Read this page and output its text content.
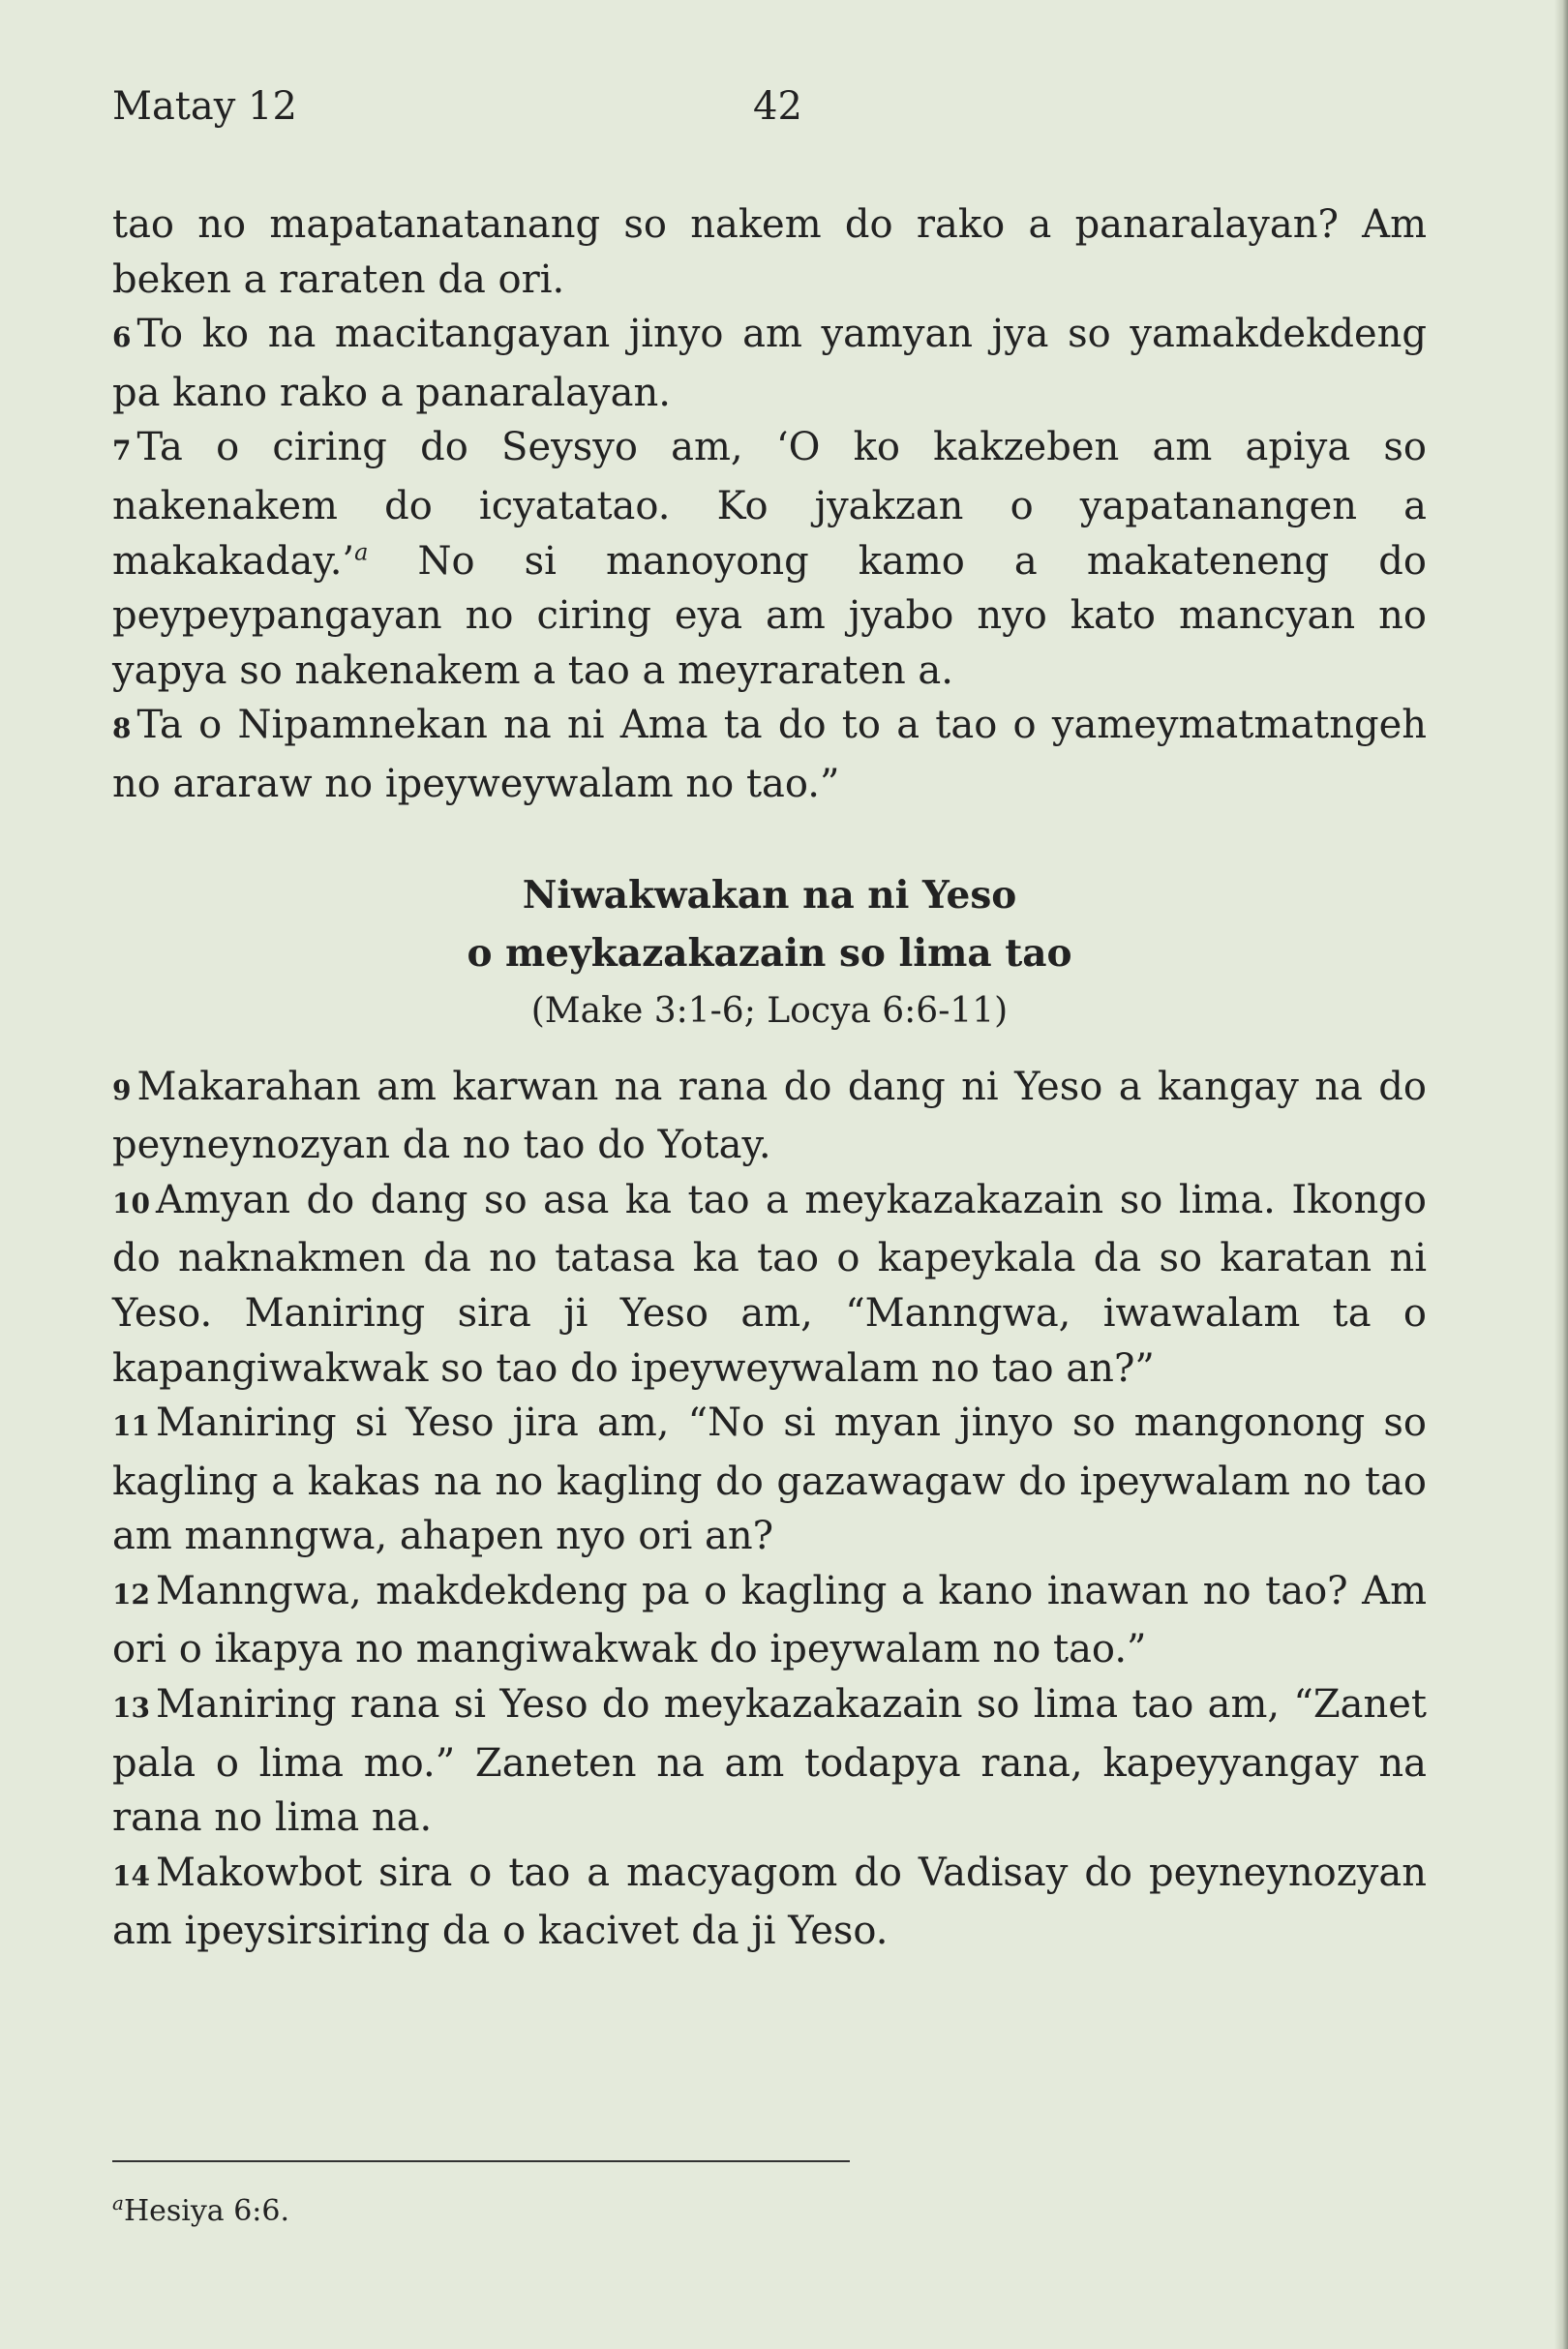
Matay 12	42

tao no mapatanatanang so nakem do rako a panaralayan? Am beken a raraten da ori.

6 To ko na macitangayan jinyo am yamyan jya so yamakdekdeng pa kano rako a panaralayan.

7 Ta o ciring do Seysyo am, ‘O ko kakzeben am apiya so nakenakem do icyatatao. Ko jyakzan o yapatanangen a makakaday.’$^a$ No si manoyong kamo a makateneng do peypeypangayan no ciring eya am jyabo nyo kato mancyan no yapya so nakenakem a tao a meyraraten a.

8 Ta o Nipamnekan na ni Ama ta do to a tao o yameymatmatngeh no araraw no ipeyweywalam no tao.”

Niwakwakan na ni Yeso
o meykazakazain so lima tao
(Make 3:1-6; Locya 6:6-11)

9 Makarahan am karwan na rana do dang ni Yeso a kangay na do peyneynozyan da no tao do Yotay.

10 Amyan do dang so asa ka tao a meykazakazain so lima. Ikongo do naknakmen da no tatasa ka tao o kapeykala da so karatan ni Yeso. Maniring sira ji Yeso am, “Manngwa, iwawalam ta o kapangiwakwak so tao do ipeyweywalam no tao an?”

11 Maniring si Yeso jira am, “No si myan jinyo so mangonong so kagling a kakas na no kagling do gazawagaw do ipeywalam no tao am manngwa, ahapen nyo ori an?

12 Manngwa, makdekdeng pa o kagling a kano inawan no tao? Am ori o ikapya no mangiwakwak do ipeywalam no tao.”

13 Maniring rana si Yeso do meykazakazain so lima tao am, “Zanet pala o lima mo.” Zaneten na am todapya rana, kapeyyangay na rana no lima na.

14 Makowbot sira o tao a macyagom do Vadisay do peyneynozyan am ipeysirsiring da o kacivet da ji Yeso.

$^a$Hesiya 6:6.
